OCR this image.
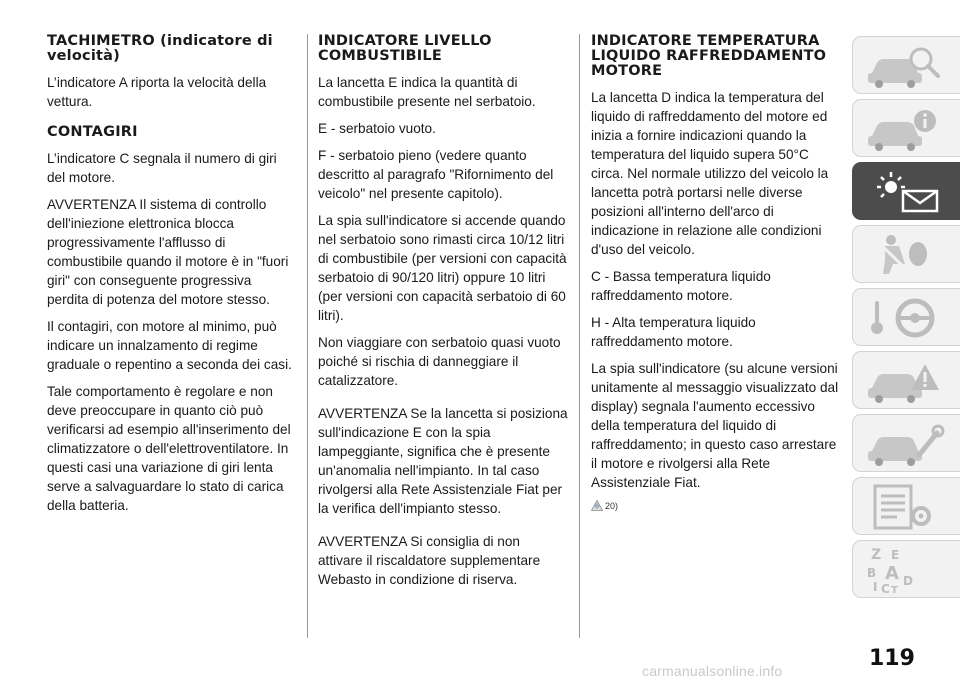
TACHIMETRO (indicatore di velocità)

L’indicatore A riporta la velocità della vettura.

CONTAGIRI

L’indicatore C segnala il numero di giri del motore.

AVVERTENZA Il sistema di controllo dell'iniezione elettronica blocca progressivamente l'afflusso di combustibile quando il motore è in "fuori giri" con conseguente progressiva perdita di potenza del motore stesso.

Il contagiri, con motore al minimo, può indicare un innalzamento di regime graduale o repentino a seconda dei casi.

Tale comportamento è regolare e non deve preoccupare in quanto ciò può verificarsi ad esempio all'inserimento del climatizzatore o dell'elettroventilatore. In questi casi una variazione di giri lenta serve a salvaguardare lo stato di carica della batteria.

INDICATORE LIVELLO COMBUSTIBILE

La lancetta E indica la quantità di combustibile presente nel serbatoio.

E - serbatoio vuoto.

F - serbatoio pieno (vedere quanto descritto al paragrafo "Rifornimento del veicolo" nel presente capitolo).

La spia sull'indicatore si accende quando nel serbatoio sono rimasti circa 10/12 litri di combustibile (per versioni con capacità serbatoio di 90/120 litri) oppure 10 litri (per versioni con capacità serbatoio di 60 litri).

Non viaggiare con serbatoio quasi vuoto poiché si rischia di danneggiare il catalizzatore.

AVVERTENZA Se la lancetta si posiziona sull'indicazione E con la spia lampeggiante, significa che è presente un'anomalia nell'impianto. In tal caso rivolgersi alla Rete Assistenziale Fiat per la verifica dell'impianto stesso.

AVVERTENZA Si consiglia di non attivare il riscaldatore supplementare Webasto in condizione di riserva.

INDICATORE TEMPERATURA LIQUIDO RAFFREDDAMENTO MOTORE

La lancetta D indica la temperatura del liquido di raffreddamento del motore ed inizia a fornire indicazioni quando la temperatura del liquido supera 50°C circa. Nel normale utilizzo del veicolo la lancetta potrà portarsi nelle diverse posizioni all'interno dell'arco di indicazione in relazione alle condizioni d'uso del veicolo.

C - Bassa temperatura liquido raffreddamento motore.

H - Alta temperatura liquido raffreddamento motore.

La spia sull'indicatore (su alcune versioni unitamente al messaggio visualizzato dal display) segnala l'aumento eccessivo della temperatura del liquido di raffreddamento; in questo caso arrestare il motore e rivolgersi alla Rete Assistenziale Fiat.

20)
Z E
B A
I C
D
T
119
carmanualsonline.info
